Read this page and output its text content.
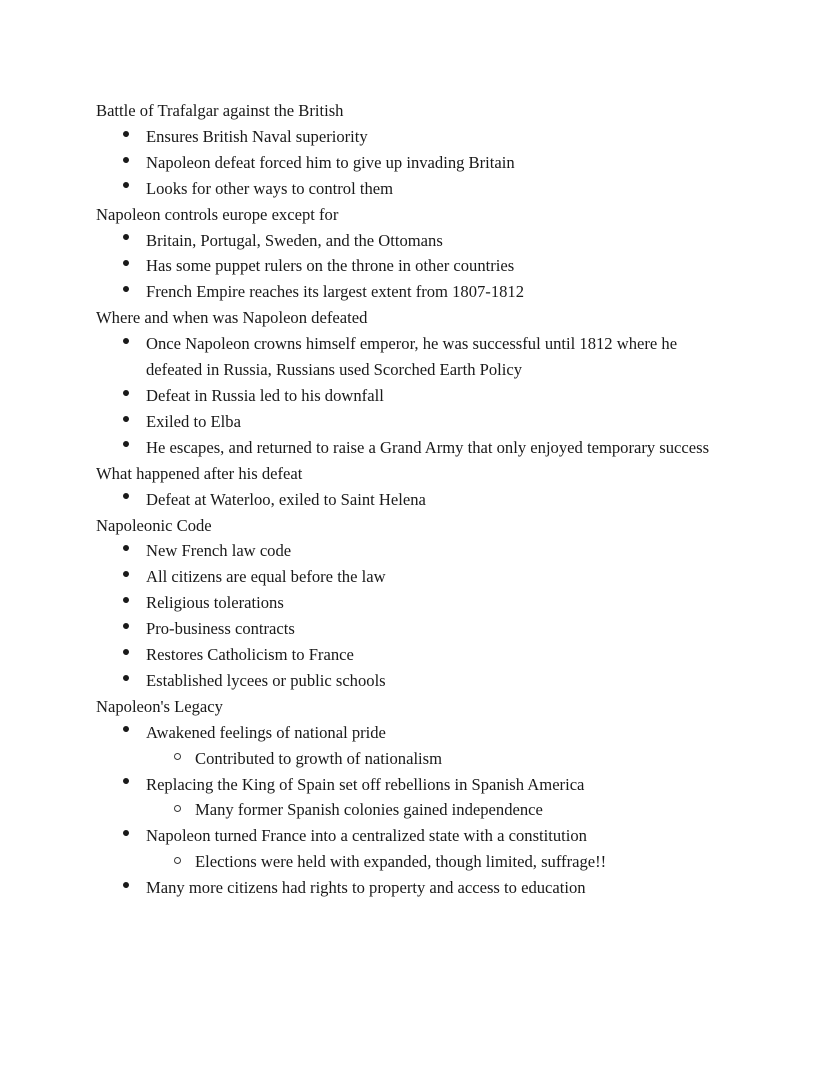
Battle of Trafalgar against the British
Ensures British Naval superiority
Napoleon defeat forced him to give up invading Britain
Looks for other ways to control them
Napoleon controls europe except for
Britain, Portugal, Sweden, and the Ottomans
Has some puppet rulers on the throne in other countries
French Empire reaches its largest extent from 1807-1812
Where and when was Napoleon defeated
Once Napoleon crowns himself emperor, he was successful until 1812 where he defeated in Russia, Russians used Scorched Earth Policy
Defeat in Russia led to his downfall
Exiled to Elba
He escapes, and returned to raise a Grand Army that only enjoyed temporary success
What happened after his defeat
Defeat at Waterloo, exiled to Saint Helena
Napoleonic Code
New French law code
All citizens are equal before the law
Religious tolerations
Pro-business contracts
Restores Catholicism to France
Established lycees or public schools
Napoleon's Legacy
Awakened feelings of national pride
Contributed to growth of nationalism
Replacing the King of Spain set off rebellions in Spanish America
Many former Spanish colonies gained independence
Napoleon turned France into a centralized state with a constitution
Elections were held with expanded, though limited, suffrage!!
Many more citizens had rights to property and access to education
